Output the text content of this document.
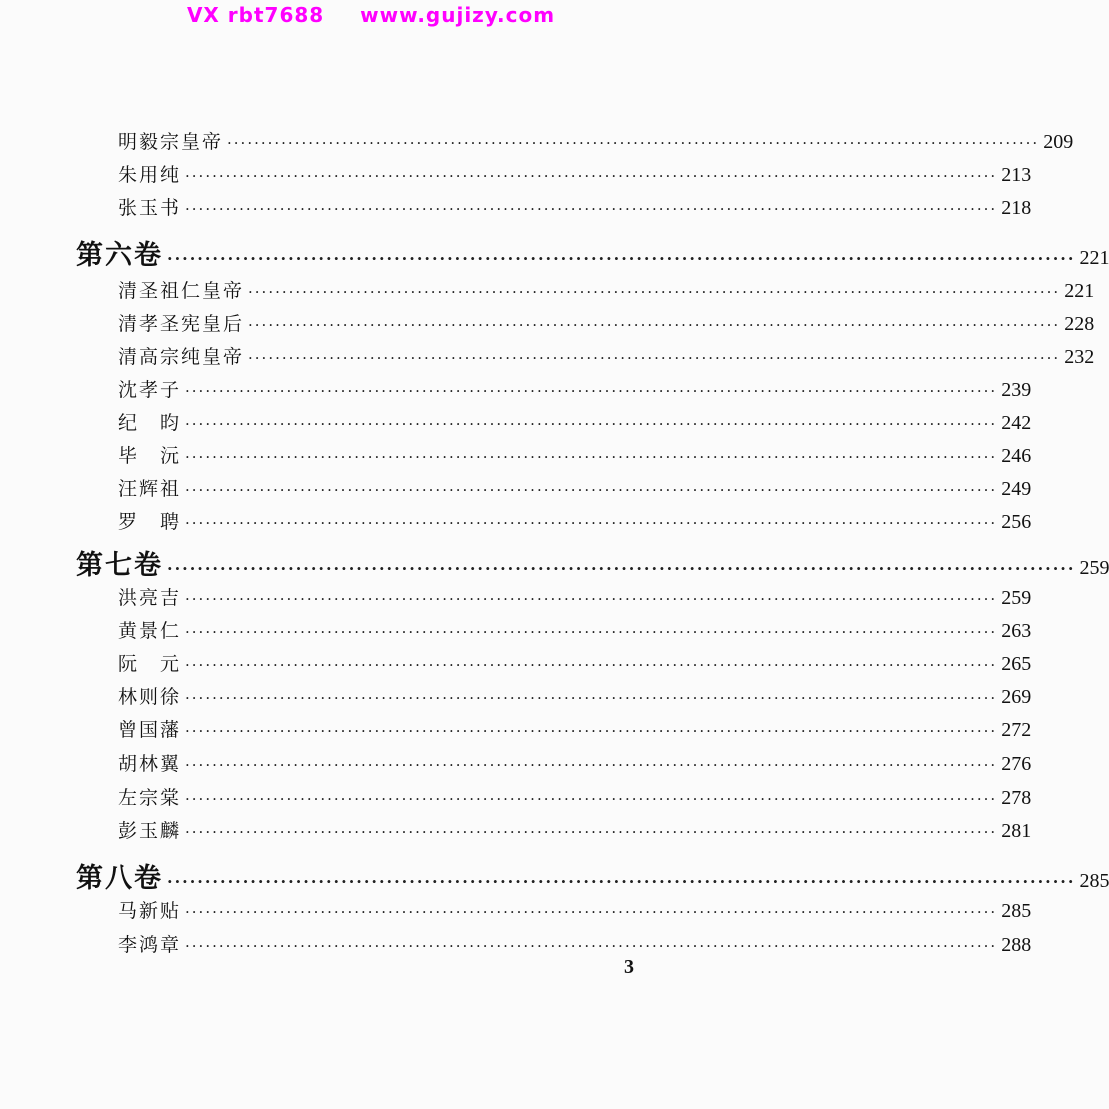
VX rbt7688 www.gujizy.com
明毅宗皇帝 ························································································································ 209
朱用纯 ························································································································ 213
张玉书 ························································································································ 218
第六卷 ························································································································ 221
清圣祖仁皇帝 ························································································································ 221
清孝圣宪皇后 ························································································································ 228
清高宗纯皇帝 ························································································································ 232
沈孝子 ························································································································ 239
纪　昀 ························································································································ 242
毕　沅 ························································································································ 246
汪辉祖 ························································································································ 249
罗　聘 ························································································································ 256
第七卷 ························································································································ 259
洪亮吉 ························································································································ 259
黄景仁 ························································································································ 263
阮　元 ························································································································ 265
林则徐 ························································································································ 269
曾国藩 ························································································································ 272
胡林翼 ························································································································ 276
左宗棠 ························································································································ 278
彭玉麟 ························································································································ 281
第八卷 ························································································································ 285
马新贴 ························································································································ 285
李鸿章 ························································································································ 288
3
